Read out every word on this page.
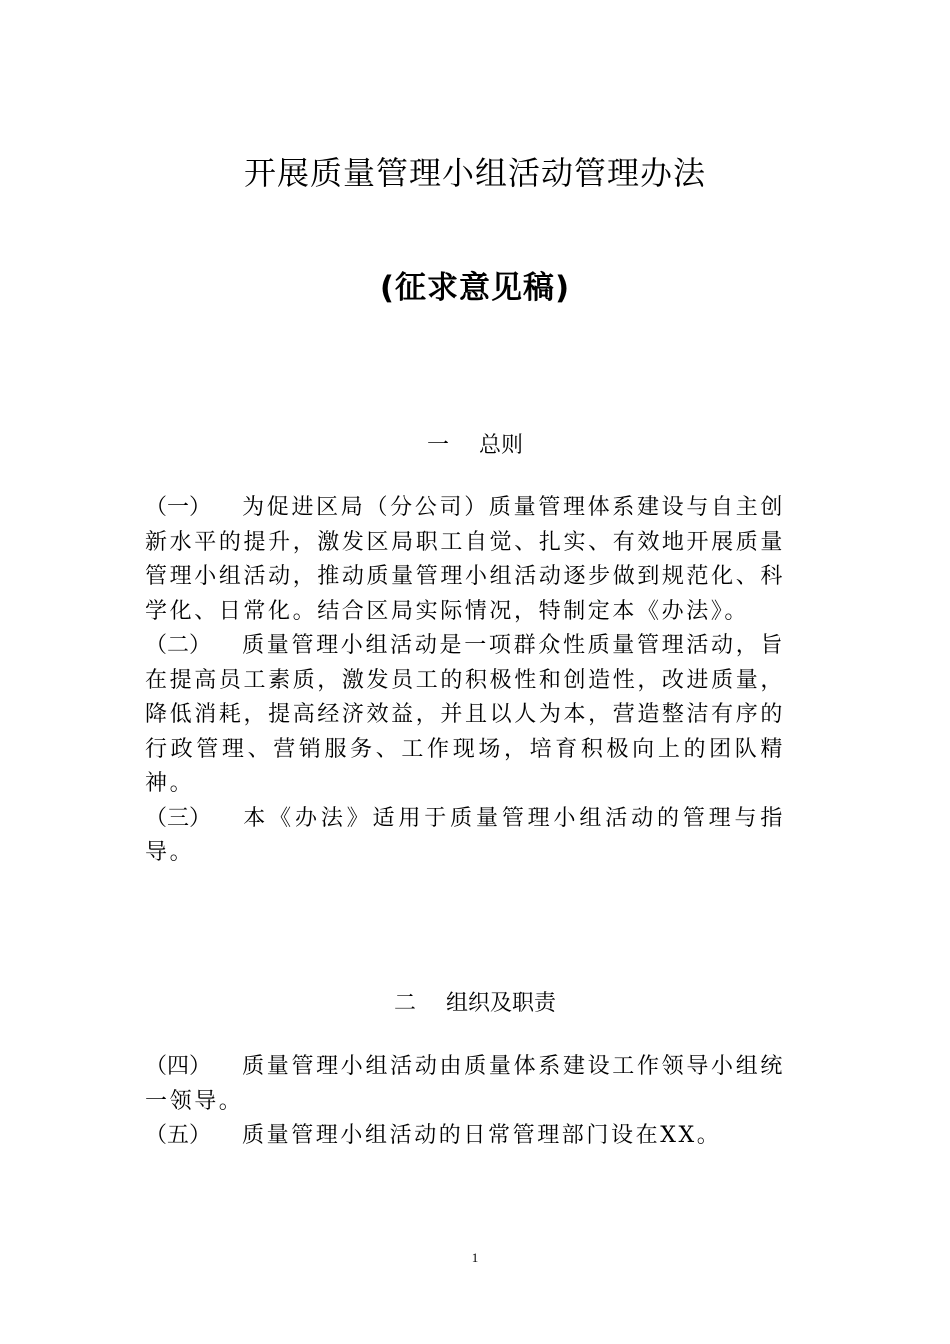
开展质量管理小组活动管理办法
(征求意见稿)
一 总则

（一） 为促进区局（分公司）质量管理体系建设与自主创新水平的提升，激发区局职工自觉、扎实、有效地开展质量管理小组活动，推动质量管理小组活动逐步做到规范化、科学化、日常化。结合区局实际情况，特制定本《办法》。

（二） 质量管理小组活动是一项群众性质量管理活动，旨在提高员工素质，激发员工的积极性和创造性，改进质量，降低消耗，提高经济效益，并且以人为本，营造整洁有序的行政管理、营销服务、工作现场，培育积极向上的团队精神。

（三） 本《办法》适用于质量管理小组活动的管理与指导。

二 组织及职责

（四） 质量管理小组活动由质量体系建设工作领导小组统一领导。

（五） 质量管理小组活动的日常管理部门设在XX。

1
